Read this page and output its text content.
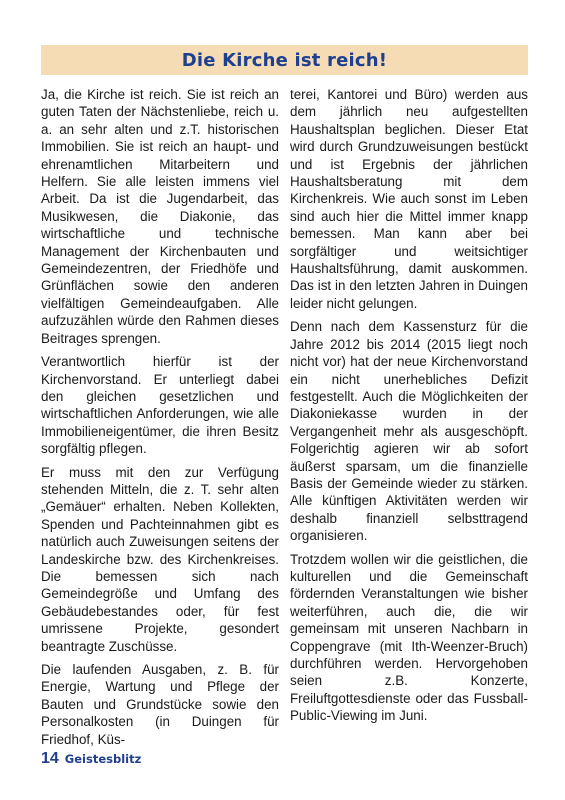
Die Kirche ist reich!

Ja, die Kirche ist reich. Sie ist reich an guten Taten der Nächstenliebe, reich u. a. an sehr alten und z.T. historischen Immobilien. Sie ist reich an haupt- und ehrenamtlichen Mitarbeitern und Helfern. Sie alle leisten immens viel Arbeit. Da ist die Jugendarbeit, das Musikwesen, die Diakonie, das wirtschaftliche und technische Management der Kirchenbauten und Gemeindezentren, der Friedhöfe und Grünflächen sowie den anderen vielfältigen Gemeindeaufgaben. Alle aufzuzählen würde den Rahmen dieses Beitrages sprengen.

Verantwortlich hierfür ist der Kirchenvorstand. Er unterliegt dabei den gleichen gesetzlichen und wirtschaftlichen Anforderungen, wie alle Immobilieneigentümer, die ihren Besitz sorgfältig pflegen.

Er muss mit den zur Verfügung stehenden Mitteln, die z. T. sehr alten „Gemäuer“ erhalten. Neben Kollekten, Spenden und Pachteinnahmen gibt es natürlich auch Zuweisungen seitens der Landeskirche bzw. des Kirchenkreises. Die bemessen sich nach Gemeindegröße und Umfang des Gebäudebestandes oder, für fest umrissene Projekte, gesondert beantragte Zuschüsse.

Die laufenden Ausgaben, z. B. für Energie, Wartung und Pflege der Bauten und Grundstücke sowie den Personalkosten (in Duingen für Friedhof, Küs-

terei, Kantorei und Büro) werden aus dem jährlich neu aufgestellten Haushaltsplan beglichen. Dieser Etat wird durch Grundzuweisungen bestückt und ist Ergebnis der jährlichen Haushaltsberatung mit dem Kirchenkreis. Wie auch sonst im Leben sind auch hier die Mittel immer knapp bemessen. Man kann aber bei sorgfältiger und weitsichtiger Haushaltsführung, damit auskommen. Das ist in den letzten Jahren in Duingen leider nicht gelungen.

Denn nach dem Kassensturz für die Jahre 2012 bis 2014 (2015 liegt noch nicht vor) hat der neue Kirchenvorstand ein nicht unerhebliches Defizit festgestellt. Auch die Möglichkeiten der Diakoniekasse wurden in der Vergangenheit mehr als ausgeschöpft. Folgerichtig agieren wir ab sofort äußerst sparsam, um die finanzielle Basis der Gemeinde wieder zu stärken. Alle künftigen Aktivitäten werden wir deshalb finanziell selbsttragend organisieren.

Trotzdem wollen wir die geistlichen, die kulturellen und die Gemeinschaft fördernden Veranstaltungen wie bisher weiterführen, auch die, die wir gemeinsam mit unseren Nachbarn in Coppengrave (mit Ith-Weenzer-Bruch) durchführen werden. Hervorgehoben seien z.B. Konzerte, Freiluftgottesdienste oder das Fussball-Public-Viewing im Juni.

14 Geistesblitz
